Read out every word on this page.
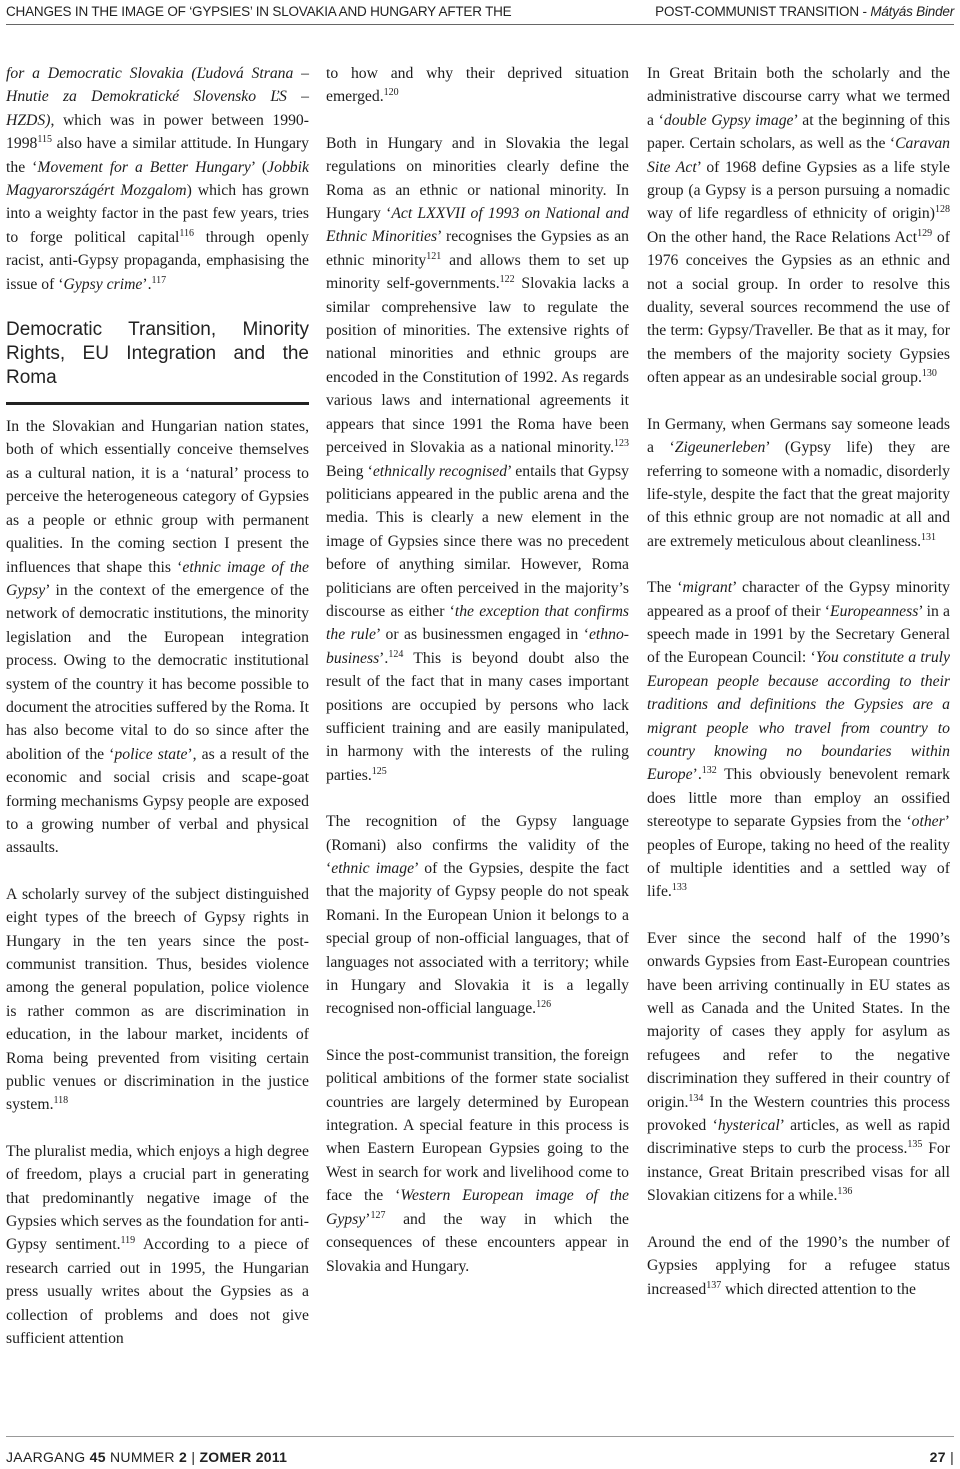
CHANGES IN THE IMAGE OF ‘GYPSIES’ IN SLOVAKIA AND HUNGARY AFTER THE	POST-COMMUNIST TRANSITION - Mátyás Binder

for a Democratic Slovakia (Ľudová Strana – Hnutie za Demokratické Slovensko ĽS – HZDS), which was in power between 1990-1998$^{115}$ also have a similar attitude. In Hungary the ‘Movement for a Better Hungary’ (Jobbik Magyarországért Mozgalom) which has grown into a weighty factor in the past few years, tries to forge political capital$^{116}$ through openly racist, anti-Gypsy propaganda, emphasising the issue of ‘Gypsy crime’.$^{117}$

Democratic Transition, Minority
Rights, EU Integration and the Roma

In the Slovakian and Hungarian nation states, both of which essentially conceive themselves as a cultural nation, it is a ‘natural’ process to perceive the heterogeneous category of Gypsies as a people or ethnic group with permanent qualities. In the coming section I present the influences that shape this ‘ethnic image of the Gypsy’ in the context of the emergence of the network of democratic institutions, the minority legislation and the European integration process. Owing to the democratic institutional system of the country it has become possible to document the atrocities suffered by the Roma. It has also become vital to do so since after the abolition of the ‘police state’, as a result of the economic and social crisis and scape-goat forming mechanisms Gypsy people are exposed to a growing number of verbal and physical assaults.

A scholarly survey of the subject distinguished eight types of the breech of Gypsy rights in Hungary in the ten years since the post-communist transition. Thus, besides violence among the general population, police violence is rather common as are discrimination in education, in the labour market, incidents of Roma being prevented from visiting certain public venues or discrimination in the justice system.$^{118}$

The pluralist media, which enjoys a high degree of freedom, plays a crucial part in generating that predominantly negative image of the Gypsies which serves as the foundation for anti-Gypsy sentiment.$^{119}$ According to a piece of research carried out in 1995, the Hungarian press usually writes about the Gypsies as a collection of problems and does not give sufficient attention

to how and why their deprived situation emerged.$^{120}$

Both in Hungary and in Slovakia the legal regulations on minorities clearly define the Roma as an ethnic or national minority. In Hungary ‘Act LXXVII of 1993 on National and Ethnic Minorities’ recognises the Gypsies as an ethnic minority$^{121}$ and allows them to set up minority self-governments.$^{122}$ Slovakia lacks a similar comprehensive law to regulate the position of minorities. The extensive rights of national minorities and ethnic groups are encoded in the Constitution of 1992. As regards various laws and international agreements it appears that since 1991 the Roma have been perceived in Slovakia as a national minority.$^{123}$ Being ‘ethnically recognised’ entails that Gypsy politicians appeared in the public arena and the media. This is clearly a new element in the image of Gypsies since there was no precedent before of anything similar. However, Roma politicians are often perceived in the majority’s discourse as either ‘the exception that confirms the rule’ or as businessmen engaged in ‘ethno-business’.$^{124}$ This is beyond doubt also the result of the fact that in many cases important positions are occupied by persons who lack sufficient training and are easily manipulated, in harmony with the interests of the ruling parties.$^{125}$

The recognition of the Gypsy language (Romani) also confirms the validity of the ‘ethnic image’ of the Gypsies, despite the fact that the majority of Gypsy people do not speak Romani. In the European Union it belongs to a special group of non-official languages, that of languages not associated with a territory; while in Hungary and Slovakia it is a legally recognised non-official language.$^{126}$

Since the post-communist transition, the foreign political ambitions of the former state socialist countries are largely determined by European integration. A special feature in this process is when Eastern European Gypsies going to the West in search for work and livelihood come to face the ‘Western European image of the Gypsy’$^{127}$ and the way in which the consequences of these encounters appear in Slovakia and Hungary.

In Great Britain both the scholarly and the administrative discourse carry what we termed a ‘double Gypsy image’ at the beginning of this paper. Certain scholars, as well as the ‘Caravan Site Act’ of 1968 define Gypsies as a life style group (a Gypsy is a person pursuing a nomadic way of life regardless of ethnicity of origin)$^{128}$ On the other hand, the Race Relations Act$^{129}$ of 1976 conceives the Gypsies as an ethnic and not a social group. In order to resolve this duality, several sources recommend the use of the term: Gypsy/Traveller. Be that as it may, for the members of the majority society Gypsies often appear as an undesirable social group.$^{130}$

In Germany, when Germans say someone leads a ‘Zigeunerleben’ (Gypsy life) they are referring to someone with a nomadic, disorderly life-style, despite the fact that the great majority of this ethnic group are not nomadic at all and are extremely meticulous about cleanliness.$^{131}$

The ‘migrant’ character of the Gypsy minority appeared as a proof of their ‘Europeanness’ in a speech made in 1991 by the Secretary General of the European Council: ‘You constitute a truly European people because according to their traditions and definitions the Gypsies are a migrant people who travel from country to country knowing no boundaries within Europe’.$^{132}$ This obviously benevolent remark does little more than employ an ossified stereotype to separate Gypsies from the ‘other’ peoples of Europe, taking no heed of the reality of multiple identities and a settled way of life.$^{133}$

Ever since the second half of the 1990’s onwards Gypsies from East-European countries have been arriving continually in EU states as well as Canada and the United States. In the majority of cases they apply for asylum as refugees and refer to the negative discrimination they suffered in their country of origin.$^{134}$ In the Western countries this process provoked ‘hysterical’ articles, as well as rapid discriminative steps to curb the process.$^{135}$ For instance, Great Britain prescribed visas for all Slovakian citizens for a while.$^{136}$

Around the end of the 1990’s the number of Gypsies applying for a refugee status increased$^{137}$ which directed attention to the

JAARGANG 45 NUMMER 2 | ZOMER 2011	27 |
